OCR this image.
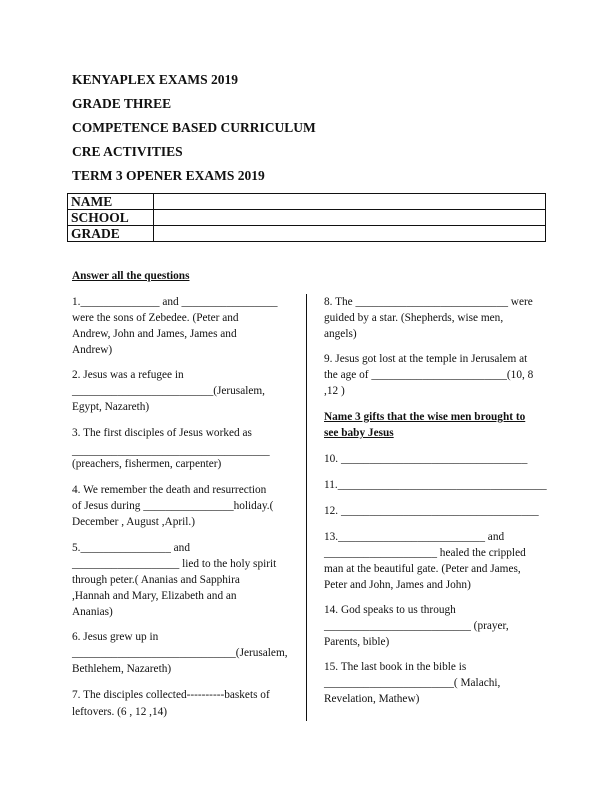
KENYAPLEX EXAMS 2019
GRADE THREE
COMPETENCE BASED CURRICULUM
CRE ACTIVITIES
TERM 3 OPENER EXAMS 2019
NAME	
SCHOOL	
GRADE	
Answer all the questions
1.______________ and _________________
were the sons of Zebedee. (Peter and
Andrew, John and James, James and
Andrew)
2. Jesus was a refugee in
_________________________(Jerusalem,
Egypt, Nazareth)
3. The first disciples of Jesus worked as
___________________________________
(preachers, fishermen, carpenter)
4. We remember the death and resurrection
of Jesus during ________________holiday.(
December , August ,April.)
5.________________ and
___________________ lied to the holy spirit
through peter.( Ananias and Sapphira
,Hannah and Mary, Elizabeth and an
Ananias)
6. Jesus grew up in
_____________________________(Jerusalem,
Bethlehem, Nazareth)
7. The disciples collected----------baskets of
leftovers. (6 , 12 ,14)
8. The ___________________________ were
guided by a star. (Shepherds, wise men,
angels)
9. Jesus got lost at the temple in Jerusalem at
the age of ________________________(10, 8
,12 )
Name 3 gifts that the wise men brought to
see baby Jesus
10. _________________________________
11._____________________________________
12. ___________________________________
13.__________________________ and
____________________ healed the crippled
man at the beautiful gate. (Peter and James,
Peter and John, James and John)
14. God speaks to us through
__________________________ (prayer,
Parents, bible)
15. The last book in the bible is
_______________________( Malachi,
Revelation, Mathew)
